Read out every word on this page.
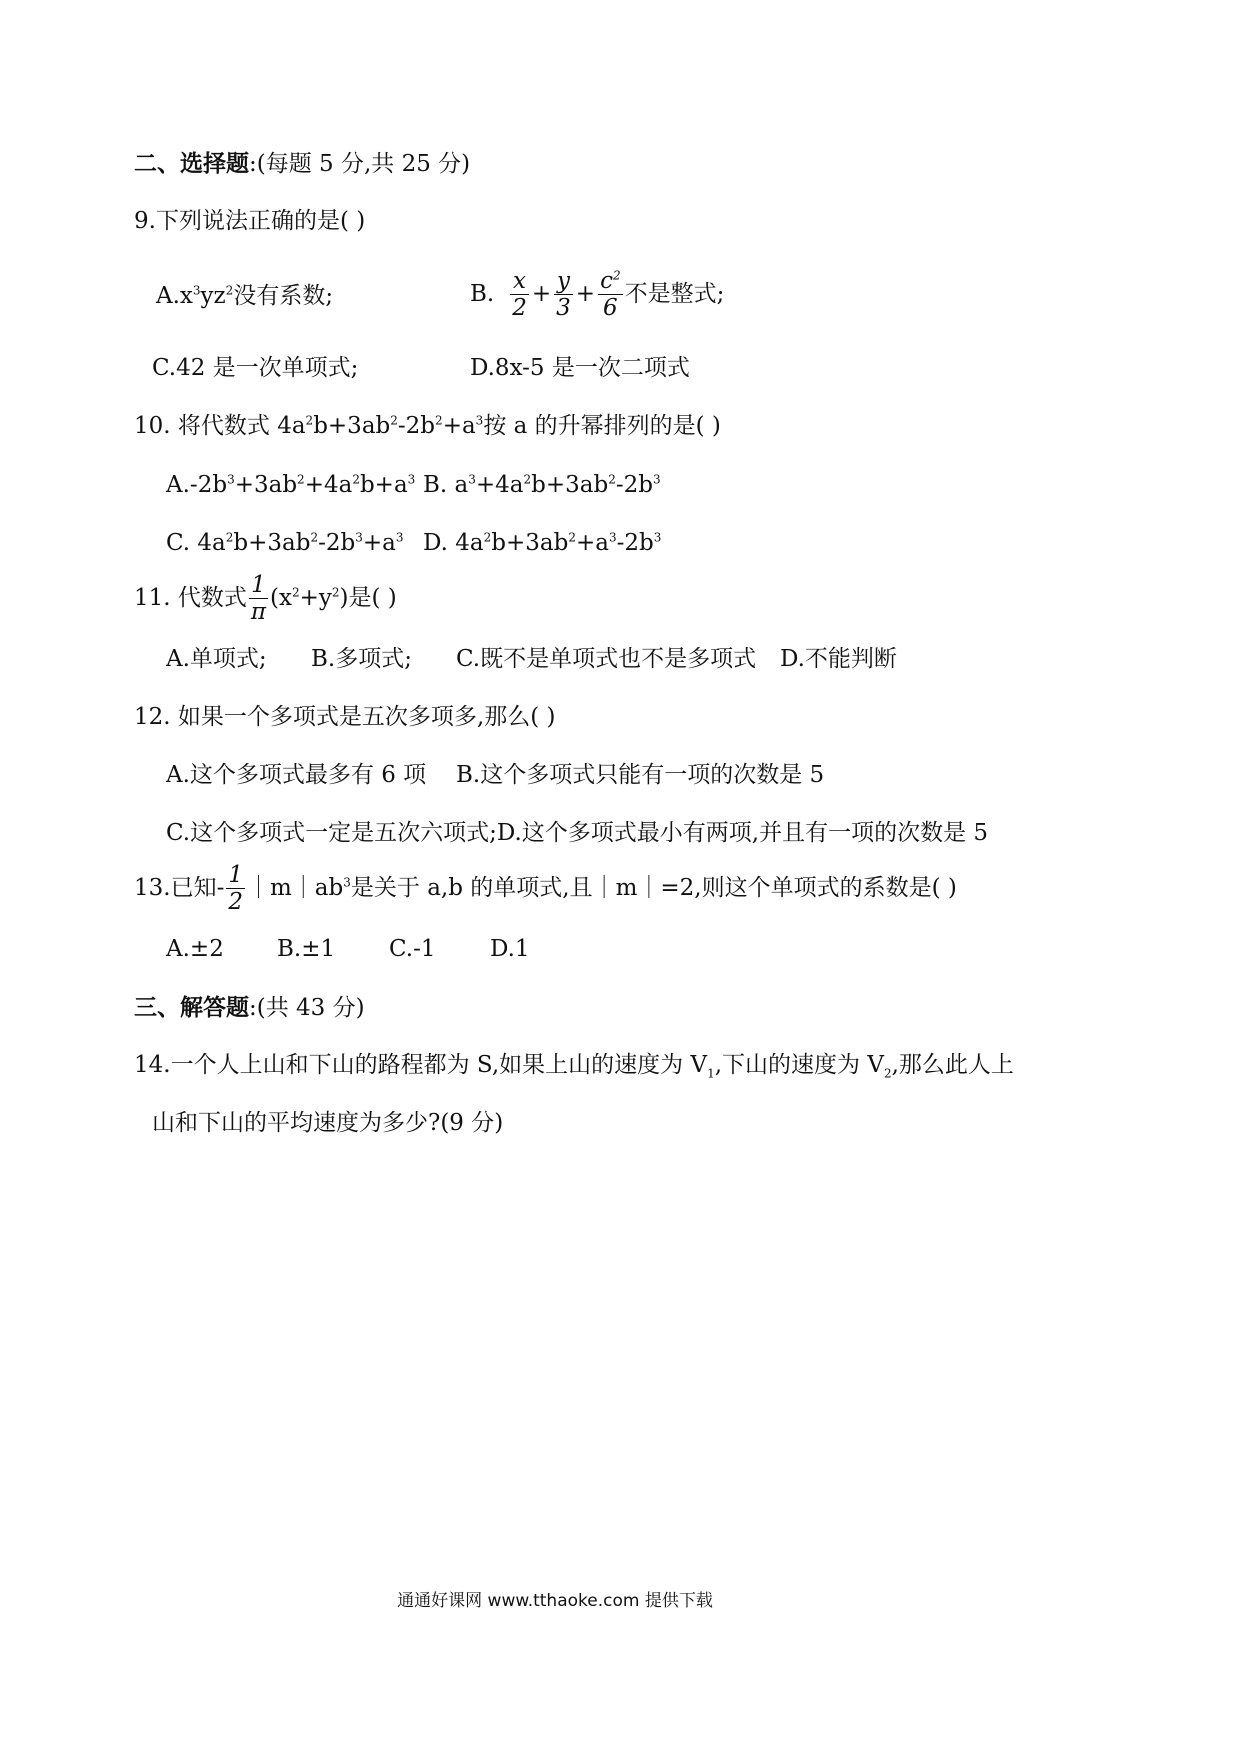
二、选择题:(每题 5 分,共 25 分)
9.下列说法正确的是( )
$A.x^3yz^2$没有系数;	B. $\frac{x}{2} + \frac{y}{3} + \frac{c^2}{6}$ 不是整式;
C.42 是一次单项式;	D.8x-5 是一次二项式
10. 将代数式 $4a^2b+3ab^2-2b^2+a^3$按 a 的升幂排列的是( )
$A.-2b^3+3ab^2+4a^2b+a^3$ B. $a^3+4a^2b+3ab^2-2b^3$
C. $4a^2b+3ab^2-2b^3+a^3$ D. $4a^2b+3ab^2+a^3-2b^3$
11. 代数式 $\frac{1}{\pi} (x^2+y^2)$是( )
A.单项式; B.多项式; C.既不是单项式也不是多项式 D.不能判断
12. 如果一个多项式是五次多项多,那么( )
A.这个多项式最多有 6 项 B.这个多项式只能有一项的次数是 5
C.这个多项式一定是五次六项式;D.这个多项式最小有两项,并且有一项的次数是 5
13.已知- $\frac{1}{2}$ $|m|ab^3$是关于 a,b 的单项式,且｜m｜=2,则这个单项式的系数是( )
A.±2 B.±1 C.-1 D.1
三、解答题:(共 43 分)
14.一个人上山和下山的路程都为 S,如果上山的速度为 $V_1$,下山的速度为 $V_2$,那么此人上
山和下山的平均速度为多少?(9 分)
通通好课网 www.tthaoke.com 提供下载
